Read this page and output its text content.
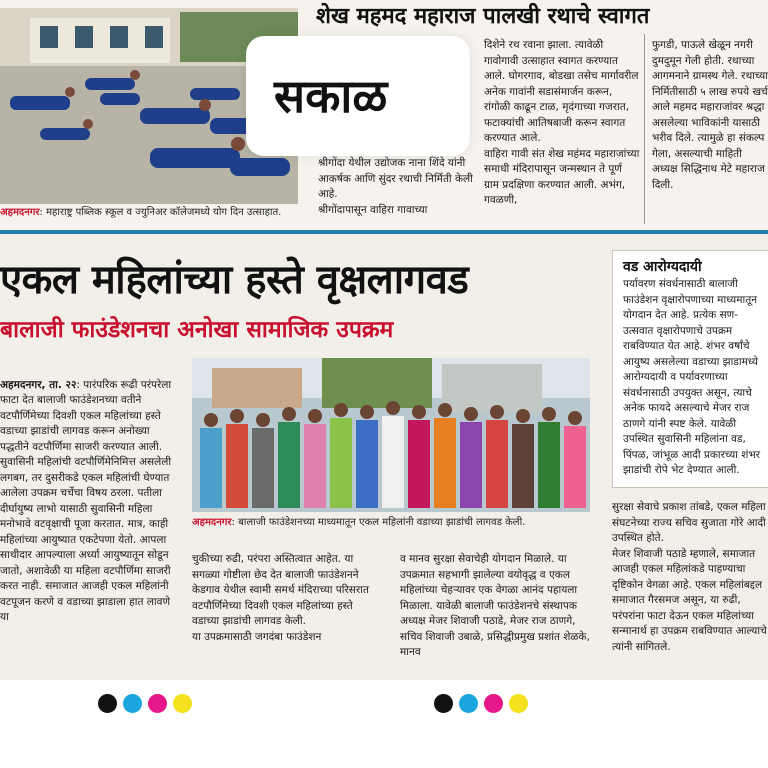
अहमदनगर: महाराष्ट्र पब्लिक स्कूल व ज्युनिअर कॉलेजमध्ये योग दिन उत्साहात.
शेख महमद महाराज पालखी रथाचे स्वागत
सकाळ
श्रीगोंदा येथील उद्योजक नाना शिंदे यांनी आकर्षक आणि सुंदर रथाची निर्मिती केली आहे.
श्रीगोंदापासून वाहिरा गावाच्या
दिशेने रथ रवाना झाला. त्यावेळी गावोगावी उत्साहात स्वागत करण्यात आले. घोगरगाव, बोडखा तसेच मार्गावरील अनेक गावांनी सडासंमार्जन करून, रांगोळी काढून टाळ, मृदंगाच्या गजरात, फटाक्यांची आतिषबाजी करून स्वागत करण्यात आले.
वाहिरा गावी संत शेख महंमद महाराजांच्या समाधी मंदिरापासून जन्मस्थान ते पूर्ण ग्राम प्रदक्षिणा करण्यात आली. अभंग, गवळणी,
फुगडी, पाऊले खेळून नगरी दुमदुमून गेली होती. रथाच्या आगमनाने ग्रामस्थ गेले. रथाच्या निर्मितीसाठी ५ लाख रुपये खर्च आले महमद महाराजांवर श्रद्धा असलेल्या भाविकांनी यासाठी भरीव दिले. त्यामुळे हा संकल्प गेला, असल्याची माहिती अध्यक्ष सिद्धिनाथ मेटे महाराज दिली.
एकल महिलांच्या हस्ते वृक्षलागवड
बालाजी फाउंडेशनचा अनोखा सामाजिक उपक्रम

अहमदनगर, ता. २२: पारंपरिक रूढी परंपरेला फाटा देत बालाजी फाउंडेशनच्या वतीने वटपौर्णिमेच्या दिवशी एकल महिलांच्या हस्ते वडाच्या झाडांची लागवड करून अनोख्या पद्धतीने वटपौर्णिमा साजरी करण्यात आली.
सुवासिनी महिलांची वटपौर्णिमेनिमित्त असलेली लगबग, तर दुसरीकडे एकल महिलांची घेण्यात आलेला उपक्रम चर्चेचा विषय ठरला. पतीला दीर्घायुष्य लाभो यासाठी सुवासिनी महिला मनोभावे वटवृक्षाची पूजा करतात. मात्र, काही महिलांच्या आयुष्यात एकटेपणा येतो. आपला साथीदार आपल्याला अर्ध्या आयुष्यातून सोडून जातो, अशावेळी या महिला वटपौर्णिमा साजरी करत नाही. समाजात आजही एकल महिलांनी वटपूजन करणे व वडाच्या झाडाला हात लावणे या

अहमदनगर: बालाजी फाउंडेशनच्या माध्यमातून एकल महिलांनी वडाच्या झाडांची लागवड केली.
चुकीच्या रुढी, परंपरा अस्तित्वात आहेत. या सगळ्या गोष्टीला छेद देत बालाजी फाउंडेशनने केडगाव येथील स्वामी समर्थ मंदिराच्या परिसरात वटपौर्णिमेच्या दिवशी एकल महिलांच्या हस्ते वडाच्या झाडांची लागवड केली.
या उपक्रमासाठी जगदंबा फाउंडेशन
व मानव सुरक्षा सेवाचेही योगदान मिळाले. या उपक्रमात सहभागी झालेल्या वयोवृद्ध व एकल महिलांच्या चेहऱ्यावर एक वेगळा आनंद पहायला मिळाला. यावेळी बालाजी फाउंडेशनचे संस्थापक अध्यक्ष मेजर शिवाजी पठाडे, मेजर राज ठाणगे, सचिव शिवाजी उबाळे, प्रसिद्धीप्रमुख प्रशांत शेळके, मानव
वड आरोग्यदायी
पर्यावरण संवर्धनासाठी बालाजी फाउंडेशन वृक्षारोपणाच्या माध्यमातून योगदान देत आहे. प्रत्येक सण-उत्सवात वृक्षारोपणाचे उपक्रम राबविण्यात येत आहे. शंभर वर्षांचे आयुष्य असलेल्या वडाच्या झाडामध्ये आरोग्यदायी व पर्यावरणाच्या संवर्धनासाठी उपयुक्त असून, त्याचे अनेक फायदे असल्याचे मेजर राज ठाणगे यांनी स्पष्ट केले. यावेळी उपस्थित सुवासिनी महिलांना वड, पिंपळ, जांभूळ आदी प्रकारच्या शंभर झाडांची रोपे भेट देण्यात आली.
सुरक्षा सेवाचे प्रकाश तांबडे, एकल महिला संघटनेच्या राज्य सचिव सुजाता गोरे आदी उपस्थित होते.
मेजर शिवाजी पठाडे म्हणाले, समाजात आजही एकल महिलांकडे पाहण्याचा दृष्टिकोन वेगळा आहे. एकल महिलांबद्दल समाजात गैरसमज असून, या रुढी, परंपरांना फाटा देऊन एकल महिलांच्या सन्मानार्थ हा उपक्रम राबविण्यात आल्याचे त्यांनी सांगितले.
